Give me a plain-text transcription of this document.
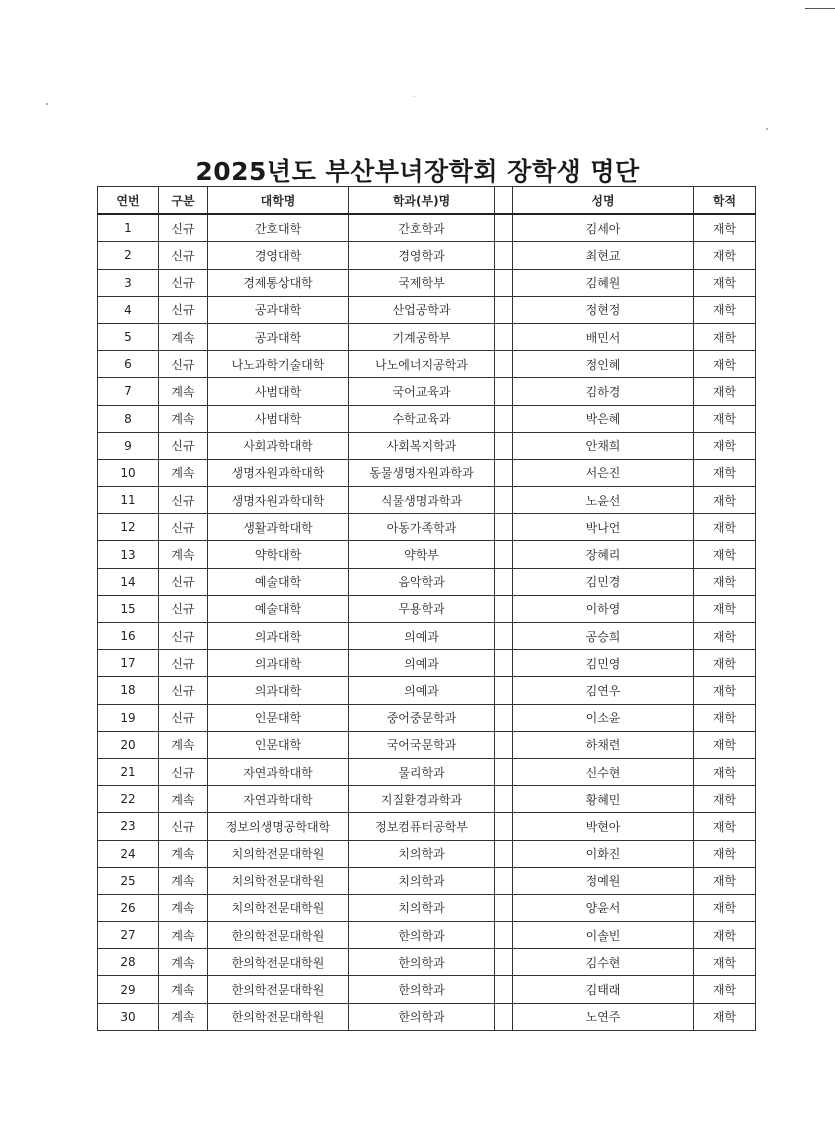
2025년도 부산부녀장학회 장학생 명단
연번	구분	대학명	학과(부)명		성명	학적
1	신규	간호대학	간호학과		김세아	재학
2	신규	경영대학	경영학과		최현교	재학
3	신규	경제통상대학	국제학부		김혜원	재학
4	신규	공과대학	산업공학과		정현정	재학
5	계속	공과대학	기계공학부		배민서	재학
6	신규	나노과학기술대학	나노에너지공학과		정인혜	재학
7	계속	사범대학	국어교육과		김하경	재학
8	계속	사범대학	수학교육과		박은혜	재학
9	신규	사회과학대학	사회복지학과		안채희	재학
10	계속	생명자원과학대학	동물생명자원과학과		서은진	재학
11	신규	생명자원과학대학	식물생명과학과		노윤선	재학
12	신규	생활과학대학	아동가족학과		박나언	재학
13	계속	약학대학	약학부		장혜리	재학
14	신규	예술대학	음악학과		김민경	재학
15	신규	예술대학	무용학과		이하영	재학
16	신규	의과대학	의예과		공승희	재학
17	신규	의과대학	의예과		김민영	재학
18	신규	의과대학	의예과		김연우	재학
19	신규	인문대학	중어중문학과		이소윤	재학
20	계속	인문대학	국어국문학과		하채련	재학
21	신규	자연과학대학	물리학과		신수현	재학
22	계속	자연과학대학	지질환경과학과		황혜민	재학
23	신규	정보의생명공학대학	정보컴퓨터공학부		박현아	재학
24	계속	치의학전문대학원	치의학과		이화진	재학
25	계속	치의학전문대학원	치의학과		정예원	재학
26	계속	치의학전문대학원	치의학과		양윤서	재학
27	계속	한의학전문대학원	한의학과		이솔빈	재학
28	계속	한의학전문대학원	한의학과		김수현	재학
29	계속	한의학전문대학원	한의학과		김태래	재학
30	계속	한의학전문대학원	한의학과		노연주	재학
